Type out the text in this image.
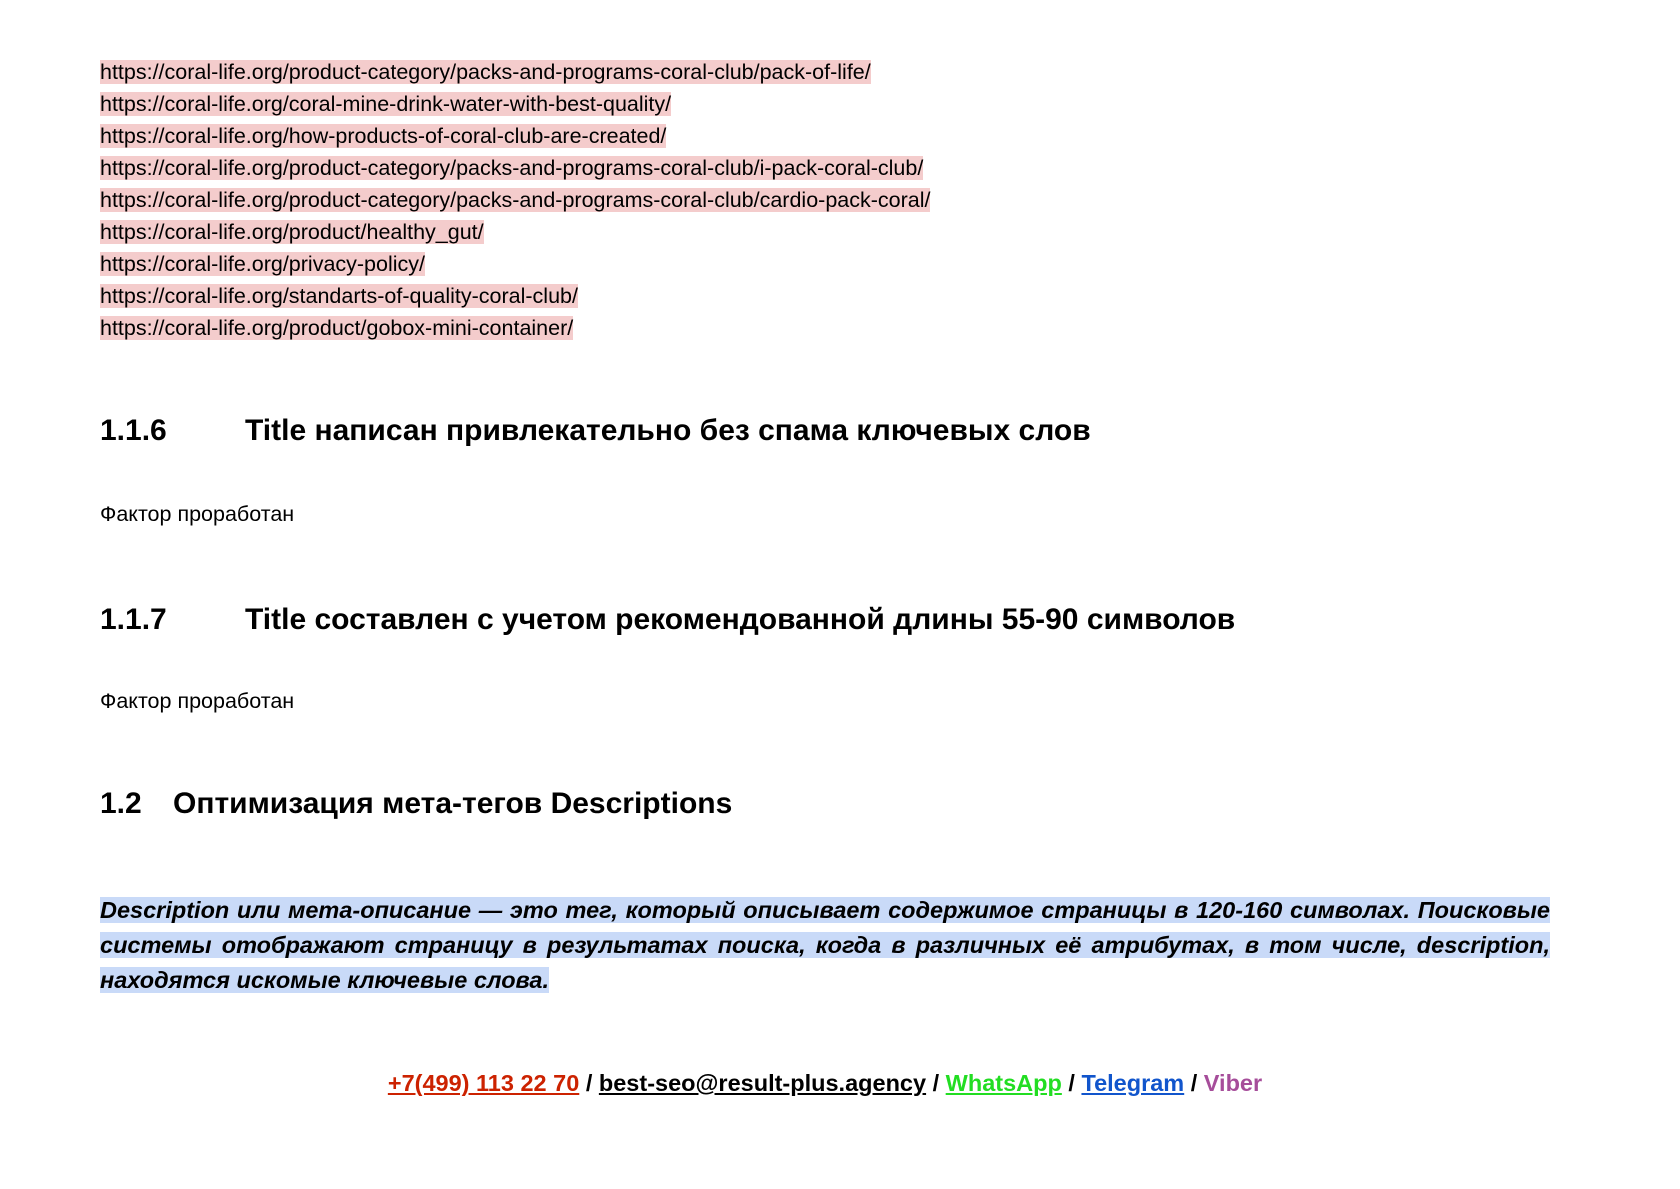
https://coral-life.org/product-category/packs-and-programs-coral-club/pack-of-life/
https://coral-life.org/coral-mine-drink-water-with-best-quality/
https://coral-life.org/how-products-of-coral-club-are-created/
https://coral-life.org/product-category/packs-and-programs-coral-club/i-pack-coral-club/
https://coral-life.org/product-category/packs-and-programs-coral-club/cardio-pack-coral/
https://coral-life.org/product/healthy_gut/
https://coral-life.org/privacy-policy/
https://coral-life.org/standarts-of-quality-coral-club/
https://coral-life.org/product/gobox-mini-container/
1.1.6	Title написан привлекательно без спама ключевых слов

Фактор проработан

1.1.7	Title составлен с учетом рекомендованной длины 55-90 символов

Фактор проработан

1.2 Оптимизация мета-тегов Descriptions

Description или мета-описание — это тег, который описывает содержимое страницы в 120-160 символах. Поисковые системы отображают страницу в результатах поиска, когда в различных её атрибутах, в том числе, description, находятся искомые ключевые слова.

+7(499) 113 22 70 / best-seo@result-plus.agency / WhatsApp / Telegram / Viber
